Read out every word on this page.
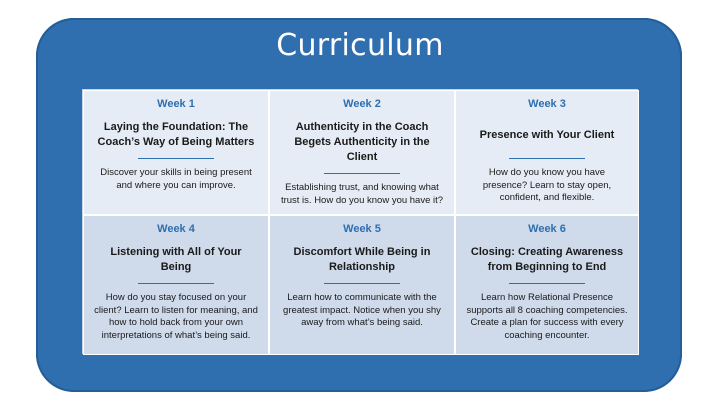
Curriculum
Week 1
Laying the Foundation: The Coach’s Way of Being Matters
Discover your skills in being present and where you can improve.
Week 2
Authenticity in the Coach Begets Authenticity in the Client
Establishing trust, and knowing what trust is. How do you know you have it?
Week 3
Presence with Your Client
How do you know you have presence? Learn to stay open, confident, and flexible.
Week 4
Listening with All of Your Being
How do you stay focused on your client? Learn to listen for meaning, and how to hold back from your own interpretations of what’s being said.
Week 5
Discomfort While Being in Relationship
Learn how to communicate with the greatest impact. Notice when you shy away from what’s being said.
Week 6
Closing: Creating Awareness from Beginning to End
Learn how Relational Presence supports all 8 coaching competencies. Create a plan for success with every coaching encounter.
